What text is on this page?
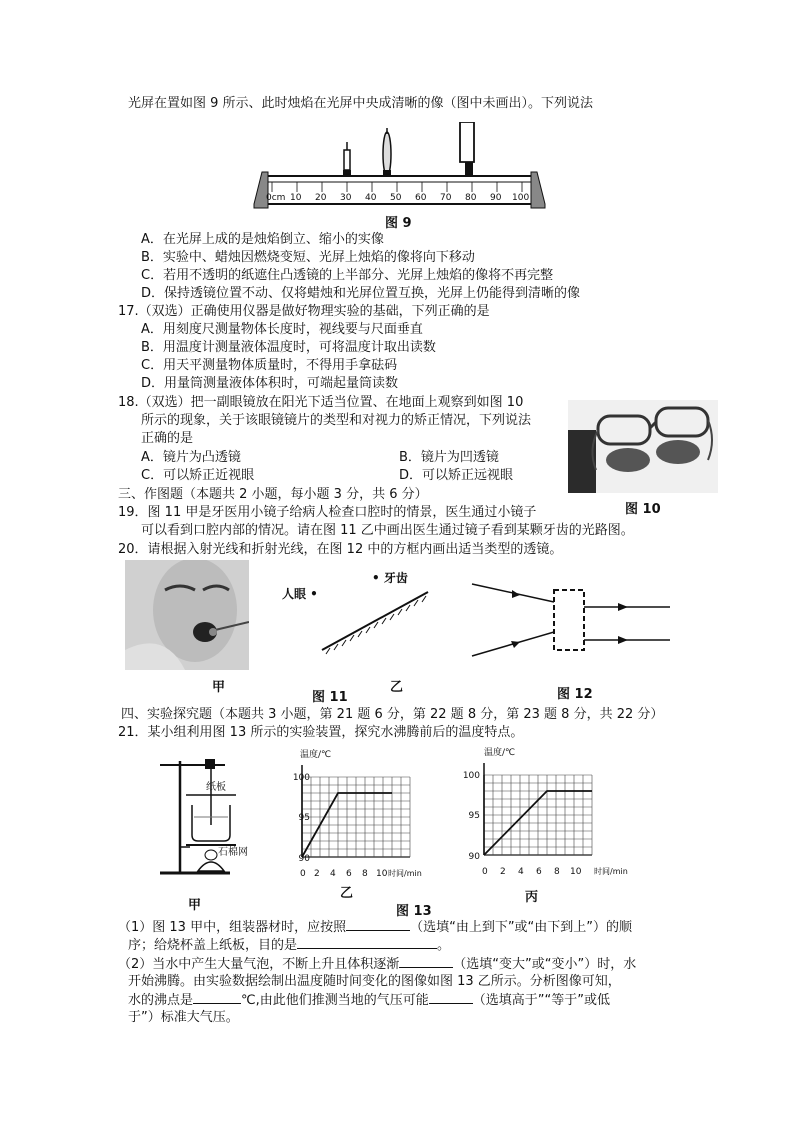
光屏在置如图 9 所示、此时烛焰在光屏中央成清晰的像（图中未画出）。下列说法
0cm 10 20 30 40 50 60 70 80 90 100
图 9
A．在光屏上成的是烛焰倒立、缩小的实像
B．实验中、蜡烛因燃烧变短、光屏上烛焰的像将向下移动
C．若用不透明的纸遮住凸透镜的上半部分、光屏上烛焰的像将不再完整
D．保持透镜位置不动、仅将蜡烛和光屏位置互换，光屏上仍能得到清晰的像
17.（双选）正确使用仪器是做好物理实验的基础，下列正确的是
A．用刻度尺测量物体长度时，视线要与尺面垂直
B．用温度计测量液体温度时，可将温度计取出读数
C．用天平测量物体质量时，不得用手拿砝码
D．用量筒测量液体体积时，可端起量筒读数
18.（双选）把一副眼镜放在阳光下适当位置、在地面上观察到如图 10
所示的现象，关于该眼镜镜片的类型和对视力的矫正情况，下列说法
正确的是
A．镜片为凸透镜	B．镜片为凹透镜
C．可以矫正近视眼	D．可以矫正远视眼
图 10
三、作图题（本题共 2 小题，每小题 3 分，共 6 分）
19．图 11 甲是牙医用小镜子给病人检查口腔时的情景，医生通过小镜子
可以看到口腔内部的情况。请在图 11 乙中画出医生通过镜子看到某颗牙齿的光路图。
20．请根据入射光线和折射光线，在图 12 中的方框内画出适当类型的透镜。
甲
人眼 •
• 牙齿
乙
图 11	图 12
四、实验探究题（本题共 3 小题，第 21 题 6 分，第 22 题 8 分，第 23 题 8 分，共 22 分）
21．某小组利用图 13 所示的实验装置，探究水沸腾前后的温度特点。
纸板
石棉网
甲
温度/℃
100
95
90
0 2 4 6 8 10 时间/min
乙
温度/℃
100
95
90
0 2 4 6 8 10 时间/min
丙
图 13
（1）图 13 甲中，组装器材时，应按照	（选填“由上到下”或“由下到上”）的顺
序；给烧杯盖上纸板，目的是	。
（2）当水中产生大量气泡，不断上升且体积逐渐	（选填“变大”或“变小”）时，水
开始沸腾。由实验数据绘制出温度随时间变化的图像如图 13 乙所示。分析图像可知，
水的沸点是	℃,由此他们推测当地的气压可能	（选填高于”“等于”或低
于”）标准大气压。
